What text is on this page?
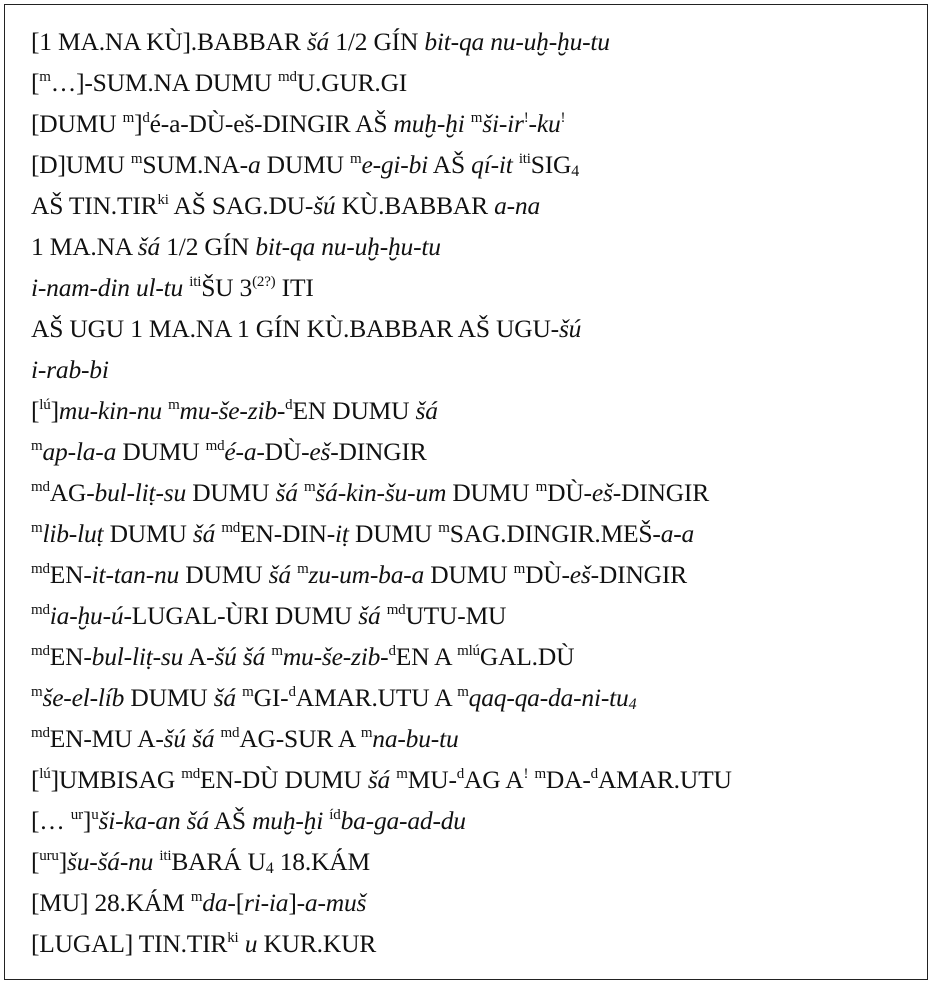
[1 MA.NA KÙ].BABBAR šá 1/2 GÍN bit-qa nu-uḫ-ḫu-tu
[$^m$…]-SUM.NA DUMU $^{md}$U.GUR.GI
[DUMU $^m$]$^d$é-a-DÙ-eš-DINGIR AŠ muḫ-ḫi $^m$ši-ir!-ku!
[D]UMU $^m$SUM.NA-a DUMU $^m$e-gi-bi AŠ qí-it $^{iti}$SIG4
AŠ $TIN.TIR^{ki}$ AŠ SAG.DU-šú KÙ.BABBAR a-na
1 MA.NA šá 1/2 GÍN bit-qa nu-uḫ-ḫu-tu
i-nam-din ul-tu $^{iti}$ŠU $3^{(2?)}$ ITI
AŠ UGU 1 MA.NA 1 GÍN KÙ.BABBAR AŠ UGU-šú
i-rab-bi
[$^{lú}$]mu-kin-nu $^m$mu-še-zib-$^d$EN DUMU šá
$^m$ap-la-a DUMU $^{md}$é-a-DÙ-eš-DINGIR
$^{md}$AG-bul-liṭ-su DUMU šá $^m$šá-kin-šu-um DUMU $^m$DÙ-eš-DINGIR
$^m$lib-luṭ DUMU šá $^{md}$EN-DIN-iṭ DUMU $^m$SAG.DINGIR.MEŠ-a-a
$^{md}$EN-it-tan-nu DUMU šá $^m$zu-um-ba-a DUMU $^m$DÙ-eš-DINGIR
$^{md}$ia-ḫu-ú-LUGAL-ÙRI DUMU šá $^{md}$UTU-MU
$^{md}$EN-bul-liṭ-su A-šú šá $^m$mu-še-zib-$^d$EN A $^{mlú}$GAL.DÙ
$^m$še-el-líb DUMU šá $^m$GI-$^d$AMAR.UTU A $^m$qaq-qa-da-ni-tu4
$^{md}$EN-MU A-šú šá $^{md}$AG-SUR A $^m$na-bu-tu
[$^{lú}$]UMBISAG $^{md}$EN-DÙ DUMU šá $^m$MU-$^d$AG A! $^m$DA-$^d$AMAR.UTU
[… $^{ur}$]$^u$ši-ka-an šá AŠ muḫ-ḫi $^{íd}$ba-ga-ad-du
[$^{uru}$]šu-šá-nu $^{iti}$BARÁ U4 18.KÁM
[MU] 28.KÁM $^m$da-[ri-ia]-a-muš
[LUGAL] $TIN.TIR^{ki}$ u KUR.KUR
